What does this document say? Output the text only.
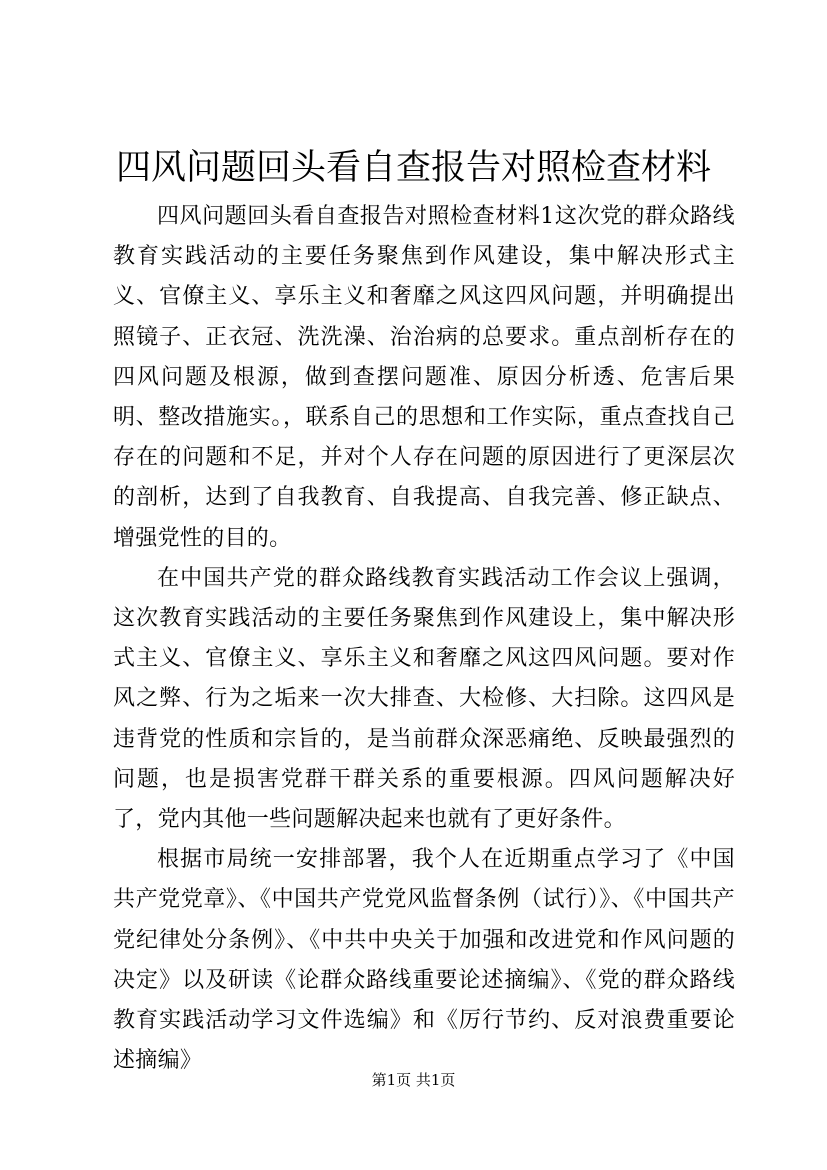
四风问题回头看自查报告对照检查材料

四风问题回头看自查报告对照检查材料1这次党的群众路线教育实践活动的主要任务聚焦到作风建设，集中解决形式主义、官僚主义、享乐主义和奢靡之风这四风问题，并明确提出照镜子、正衣冠、洗洗澡、治治病的总要求。重点剖析存在的四风问题及根源，做到查摆问题准、原因分析透、危害后果明、整改措施实。，联系自己的思想和工作实际，重点查找自己存在的问题和不足，并对个人存在问题的原因进行了更深层次的剖析，达到了自我教育、自我提高、自我完善、修正缺点、增强党性的目的。

在中国共产党的群众路线教育实践活动工作会议上强调，这次教育实践活动的主要任务聚焦到作风建设上，集中解决形式主义、官僚主义、享乐主义和奢靡之风这四风问题。要对作风之弊、行为之垢来一次大排查、大检修、大扫除。这四风是违背党的性质和宗旨的，是当前群众深恶痛绝、反映最强烈的问题，也是损害党群干群关系的重要根源。四风问题解决好了，党内其他一些问题解决起来也就有了更好条件。

根据市局统一安排部署，我个人在近期重点学习了《中国共产党党章》、《中国共产党党风监督条例（试行）》、《中国共产党纪律处分条例》、《中共中央关于加强和改进党和作风问题的决定》以及研读《论群众路线重要论述摘编》、《党的群众路线教育实践活动学习文件选编》和《厉行节约、反对浪费重要论述摘编》

第1页 共1页
